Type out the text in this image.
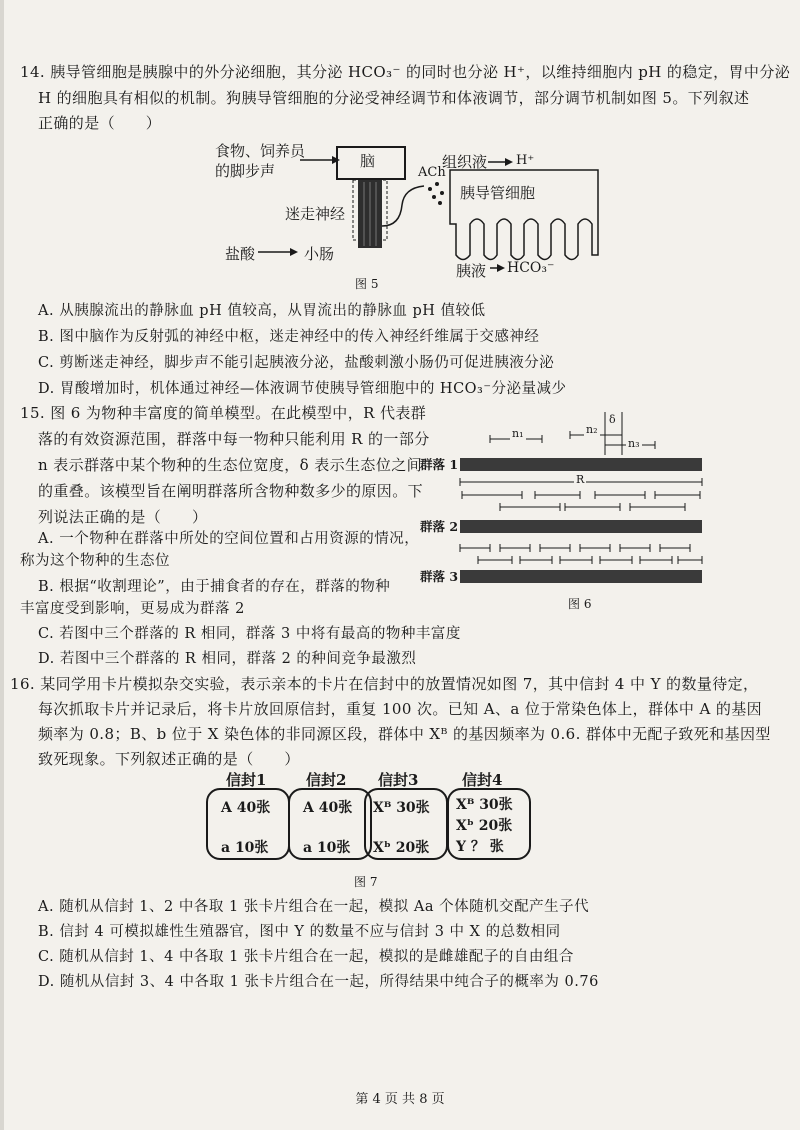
14. 胰导管细胞是胰腺中的外分泌细胞，其分泌 HCO₃⁻ 的同时也分泌 H⁺，以维持细胞内 pH 的稳定，胃中分泌
H 的细胞具有相似的机制。狗胰导管细胞的分泌受神经调节和体液调节，部分调节机制如图 5。下列叙述
正确的是（　　）
脑
食物、饲养员
的脚步声
迷走神经
盐酸	小肠
ACh
组织液 H⁺
胰导管细胞
胰液 HCO₃⁻
图 5
A. 从胰腺流出的静脉血 pH 值较高，从胃流出的静脉血 pH 值较低
B. 图中脑作为反射弧的神经中枢，迷走神经中的传入神经纤维属于交感神经
C. 剪断迷走神经，脚步声不能引起胰液分泌，盐酸刺激小肠仍可促进胰液分泌
D. 胃酸增加时，机体通过神经—体液调节使胰导管细胞中的 HCO₃⁻分泌量减少
15. 图 6 为物种丰富度的简单模型。在此模型中，R 代表群
落的有效资源范围，群落中每一物种只能利用 R 的一部分
n 表示群落中某个物种的生态位宽度，δ 表示生态位之间
的重叠。该模型旨在阐明群落所含物种数多少的原因。下
列说法正确的是（　　）
δ
n₁	n₂
n₃
群落 1
R
群落 2
群落 3
图 6
A. 一个物种在群落中所处的空间位置和占用资源的情况，
称为这个物种的生态位
B. 根据“收割理论”，由于捕食者的存在，群落的物种
丰富度受到影响，更易成为群落 2
C. 若图中三个群落的 R 相同，群落 3 中将有最高的物种丰富度
D. 若图中三个群落的 R 相同，群落 2 的种间竞争最激烈
16. 某同学用卡片模拟杂交实验，表示亲本的卡片在信封中的放置情况如图 7，其中信封 4 中 Y 的数量待定，
每次抓取卡片并记录后，将卡片放回原信封，重复 100 次。已知 A、a 位于常染色体上，群体中 A 的基因
频率为 0.8；B、b 位于 X 染色体的非同源区段，群体中 Xᴮ 的基因频率为 0.6. 群体中无配子致死和基因型
致死现象。下列叙述正确的是（　　）
信封1
A 40张
a 10张
信封2
A 40张
a 10张
信封3
Xᴮ 30张
Xᵇ 20张
信封4
Xᴮ 30张
Xᵇ 20张
Y ？ 张
图 7
A. 随机从信封 1、2 中各取 1 张卡片组合在一起，模拟 Aa 个体随机交配产生子代
B. 信封 4 可模拟雄性生殖器官，图中 Y 的数量不应与信封 3 中 X 的总数相同
C. 随机从信封 1、4 中各取 1 张卡片组合在一起，模拟的是雌雄配子的自由组合
D. 随机从信封 3、4 中各取 1 张卡片组合在一起，所得结果中纯合子的概率为 0.76
第 4 页 共 8 页
